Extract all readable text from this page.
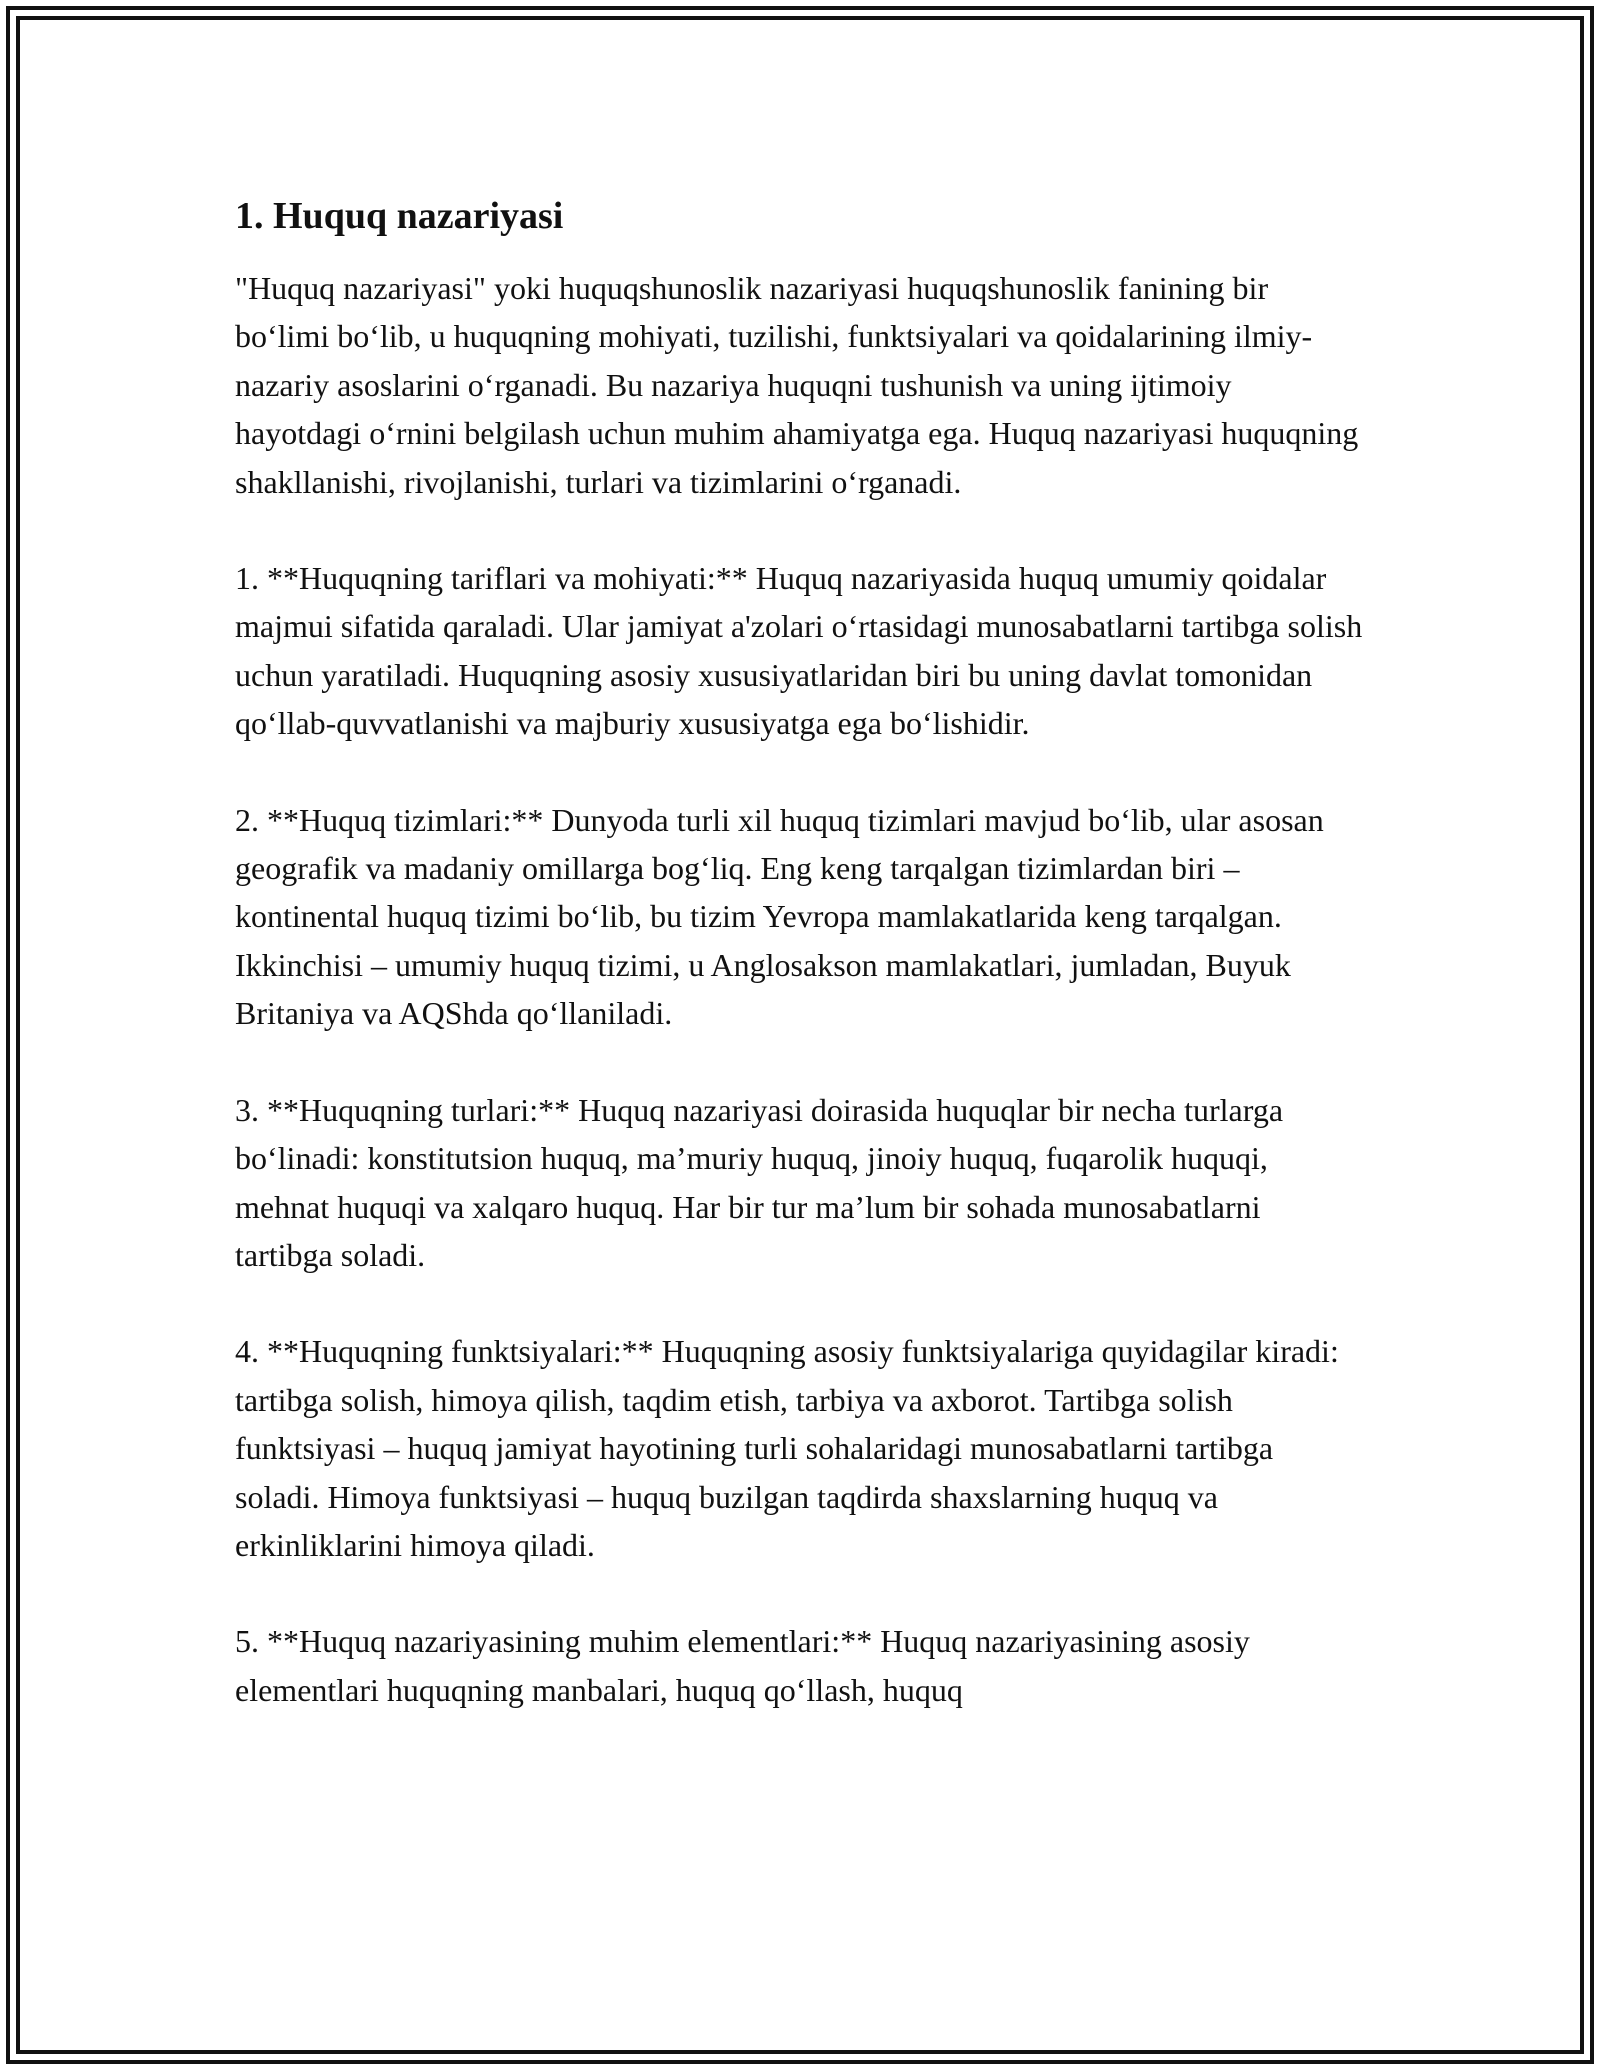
1. Huquq nazariyasi

"Huquq nazariyasi" yoki huquqshunoslik nazariyasi huquqshunoslik fanining bir boʻlimi boʻlib, u huquqning mohiyati, tuzilishi, funktsiyalari va qoidalarining ilmiy-nazariy asoslarini oʻrganadi. Bu nazariya huquqni tushunish va uning ijtimoiy hayotdagi oʻrnini belgilash uchun muhim ahamiyatga ega. Huquq nazariyasi huquqning shakllanishi, rivojlanishi, turlari va tizimlarini oʻrganadi.

1. **Huquqning tariflari va mohiyati:** Huquq nazariyasida huquq umumiy qoidalar majmui sifatida qaraladi. Ular jamiyat a'zolari oʻrtasidagi munosabatlarni tartibga solish uchun yaratiladi. Huquqning asosiy xususiyatlaridan biri bu uning davlat tomonidan qoʻllab-quvvatlanishi va majburiy xususiyatga ega boʻlishidir.

2. **Huquq tizimlari:** Dunyoda turli xil huquq tizimlari mavjud boʻlib, ular asosan geografik va madaniy omillarga bogʻliq. Eng keng tarqalgan tizimlardan biri – kontinental huquq tizimi boʻlib, bu tizim Yevropa mamlakatlarida keng tarqalgan. Ikkinchisi – umumiy huquq tizimi, u Anglosakson mamlakatlari, jumladan, Buyuk Britaniya va AQShda qoʻllaniladi.

3. **Huquqning turlari:** Huquq nazariyasi doirasida huquqlar bir necha turlarga boʻlinadi: konstitutsion huquq, maʼmuriy huquq, jinoiy huquq, fuqarolik huquqi, mehnat huquqi va xalqaro huquq. Har bir tur maʼlum bir sohada munosabatlarni tartibga soladi.

4. **Huquqning funktsiyalari:** Huquqning asosiy funktsiyalariga quyidagilar kiradi: tartibga solish, himoya qilish, taqdim etish, tarbiya va axborot. Tartibga solish funktsiyasi – huquq jamiyat hayotining turli sohalaridagi munosabatlarni tartibga soladi. Himoya funktsiyasi – huquq buzilgan taqdirda shaxslarning huquq va erkinliklarini himoya qiladi.

5. **Huquq nazariyasining muhim elementlari:** Huquq nazariyasining asosiy elementlari huquqning manbalari, huquq qoʻllash, huquq
